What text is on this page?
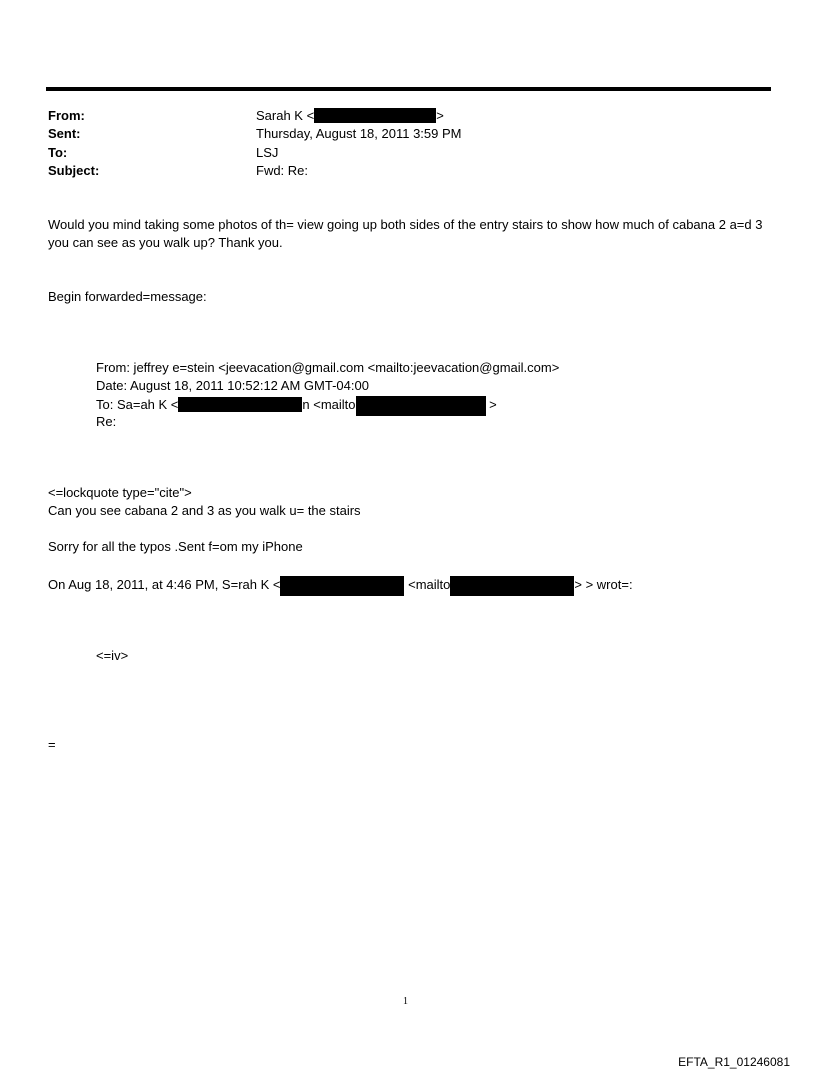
From:	Sarah K <	>
Sent:	Thursday, August 18, 2011 3:59 PM
To:	LSJ
Subject:	Fwd: Re:
Would you mind taking some photos of th= view going up both sides of the entry stairs to show how much of cabana 2 a=d 3 you can see as you walk up? Thank you.
Begin forwarded=message:
From: jeffrey e=stein <jeevacation@gmail.com <mailto:jeevacation@gmail.com>
Date: August 18, 2011 10:52:12 AM GMT-04:00
To: Sa=ah K <	n <mailto	>
Re:
<=lockquote type="cite">
Can you see cabana 2 and 3 as you walk u= the stairs
Sorry for all the typos .Sent f=om my iPhone
On Aug 18, 2011, at 4:46 PM, S=rah K <	<mailto	> > wrot=:
<=iv>
=
1
EFTA_R1_01246081
